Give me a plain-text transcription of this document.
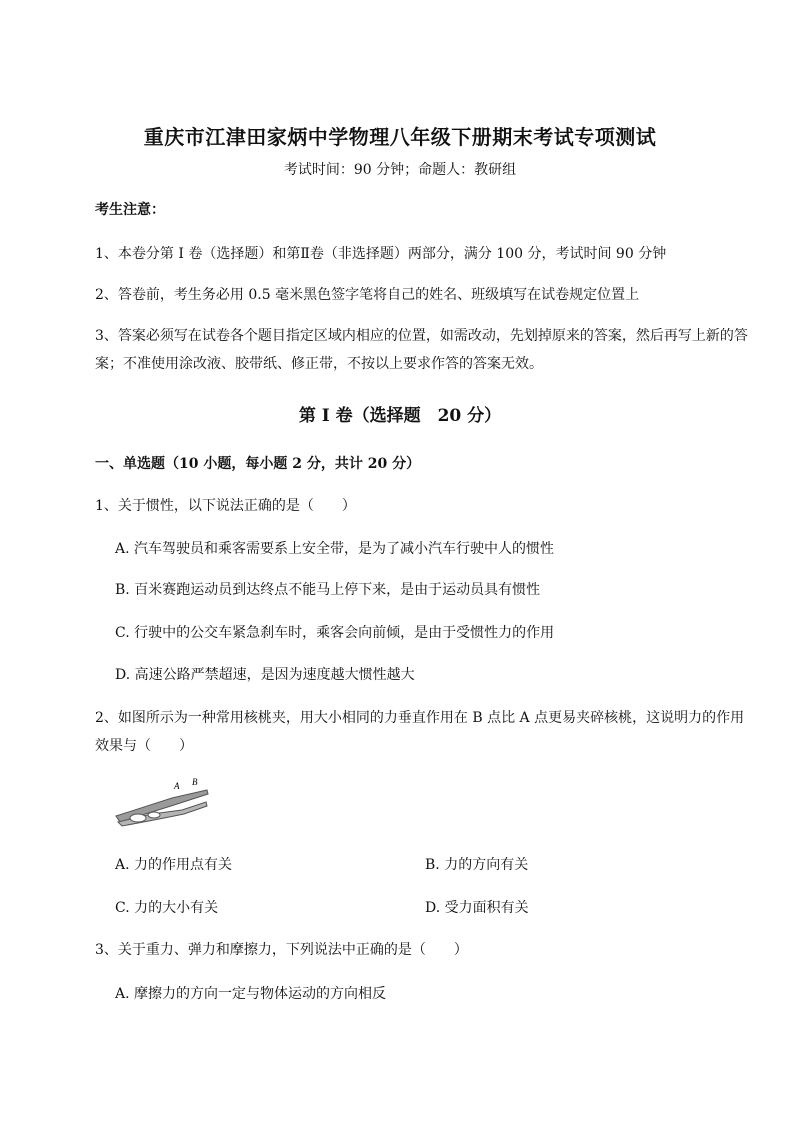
重庆市江津田家炳中学物理八年级下册期末考试专项测试
考试时间：90 分钟；命题人：教研组
考生注意：
1、本卷分第 I 卷（选择题）和第Ⅱ卷（非选择题）两部分，满分 100 分，考试时间 90 分钟
2、答卷前，考生务必用 0.5 毫米黑色签字笔将自己的姓名、班级填写在试卷规定位置上
3、答案必须写在试卷各个题目指定区域内相应的位置，如需改动，先划掉原来的答案，然后再写上新的答案；不准使用涂改液、胶带纸、修正带，不按以上要求作答的答案无效。
第 I 卷（选择题　20 分）
一、单选题（10 小题，每小题 2 分，共计 20 分）
1、关于惯性，以下说法正确的是（　　）
A. 汽车驾驶员和乘客需要系上安全带，是为了减小汽车行驶中人的惯性
B. 百米赛跑运动员到达终点不能马上停下来，是由于运动员具有惯性
C. 行驶中的公交车紧急刹车时，乘客会向前倾，是由于受惯性力的作用
D. 高速公路严禁超速，是因为速度越大惯性越大
2、如图所示为一种常用核桃夹，用大小相同的力垂直作用在 B 点比 A 点更易夹碎核桃，这说明力的作用效果与（　　）
A B
A. 力的作用点有关	B. 力的方向有关
C. 力的大小有关	D. 受力面积有关
3、关于重力、弹力和摩擦力，下列说法中正确的是（　　）
A. 摩擦力的方向一定与物体运动的方向相反
